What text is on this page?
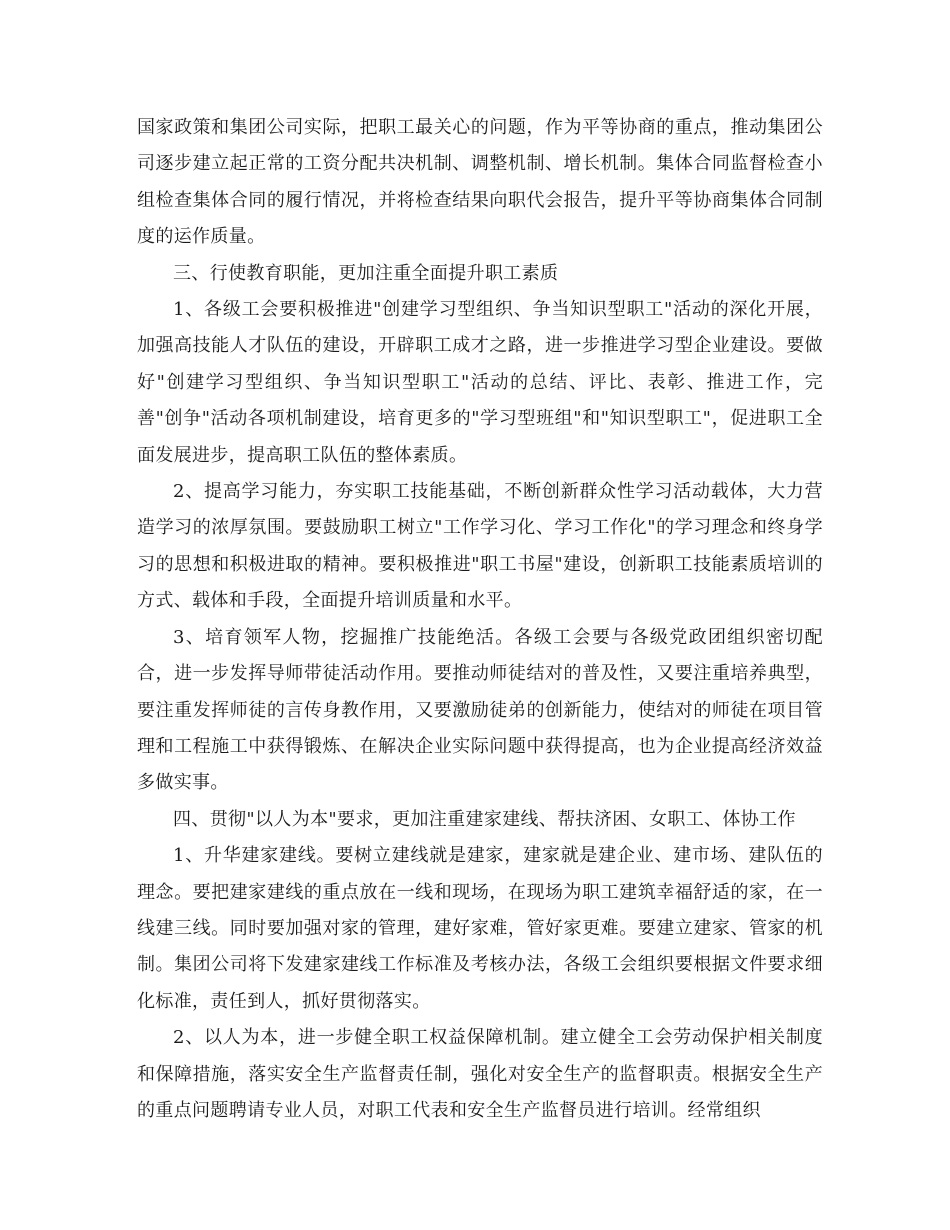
国家政策和集团公司实际，把职工最关心的问题，作为平等协商的重点，推动集团公司逐步建立起正常的工资分配共决机制、调整机制、增长机制。集体合同监督检查小组检查集体合同的履行情况，并将检查结果向职代会报告，提升平等协商集体合同制度的运作质量。

三、行使教育职能，更加注重全面提升职工素质

1、各级工会要积极推进"创建学习型组织、争当知识型职工"活动的深化开展，加强高技能人才队伍的建设，开辟职工成才之路，进一步推进学习型企业建设。要做好"创建学习型组织、争当知识型职工"活动的总结、评比、表彰、推进工作，完善"创争"活动各项机制建设，培育更多的"学习型班组"和"知识型职工"，促进职工全面发展进步，提高职工队伍的整体素质。

2、提高学习能力，夯实职工技能基础，不断创新群众性学习活动载体，大力营造学习的浓厚氛围。要鼓励职工树立"工作学习化、学习工作化"的学习理念和终身学习的思想和积极进取的精神。要积极推进"职工书屋"建设，创新职工技能素质培训的方式、载体和手段，全面提升培训质量和水平。

3、培育领军人物，挖掘推广技能绝活。各级工会要与各级党政团组织密切配合，进一步发挥导师带徒活动作用。要推动师徒结对的普及性，又要注重培养典型，要注重发挥师徒的言传身教作用，又要激励徒弟的创新能力，使结对的师徒在项目管理和工程施工中获得锻炼、在解决企业实际问题中获得提高，也为企业提高经济效益多做实事。

四、贯彻"以人为本"要求，更加注重建家建线、帮扶济困、女职工、体协工作

1、升华建家建线。要树立建线就是建家，建家就是建企业、建市场、建队伍的理念。要把建家建线的重点放在一线和现场，在现场为职工建筑幸福舒适的家，在一线建三线。同时要加强对家的管理，建好家难，管好家更难。要建立建家、管家的机制。集团公司将下发建家建线工作标准及考核办法，各级工会组织要根据文件要求细化标准，责任到人，抓好贯彻落实。

2、以人为本，进一步健全职工权益保障机制。建立健全工会劳动保护相关制度和保障措施，落实安全生产监督责任制，强化对安全生产的监督职责。根据安全生产的重点问题聘请专业人员，对职工代表和安全生产监督员进行培训。经常组织
